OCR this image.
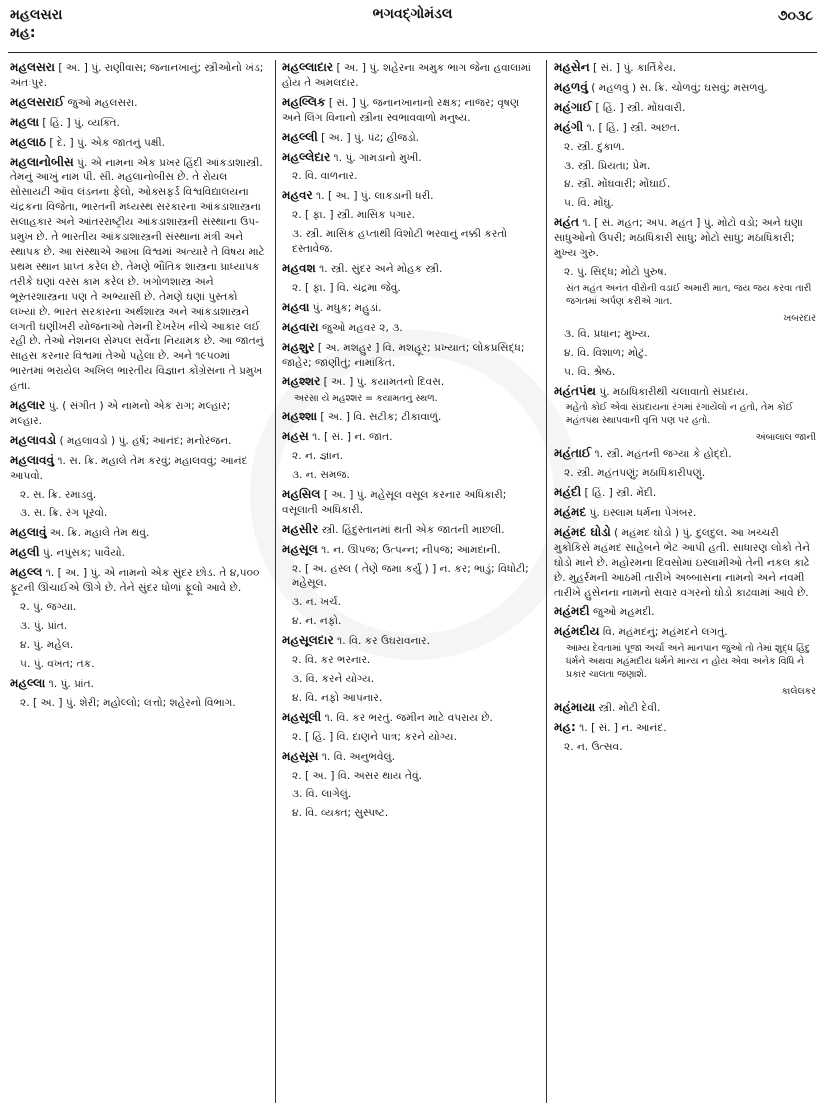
મહલસરા
મહ:
ભગવદ્ગોમંડલ	૭૦૩૮
મહલસરા [ અ. ] પું. રાણીવાસ; જનાનખાનું; સ્ત્રીઓનો ખંડ; અંતઃપુર.
મહલસરાઈ જુઓ મહલસરા.
મહલા [ હિં. ] પું. વ્યક્તિ.
મહલાઠ [ દે. ] પું. એક જાતનું પક્ષી.
મહલાનોબીસ પું. એ નામના એક પ્રખર હિંદી આંકડાશાસ્ત્રી. તેમનું આખું નામ પી. સી. મહલાનોબીસ છે. તે રોયલ સોસાયટી ઑવ લંડનના ફેલો, ઓક્સફર્ડ વિશ્વવિદ્યાલયના ચંદ્રકના વિજેતા, ભારતની મધ્યસ્થ સરકારના આંકડાશાસ્ત્રના સલાહકાર અને આંતરરાષ્ટ્રીય આંકડાશાસ્ત્રની સંસ્થાના ઉપ-પ્રમુખ છે. તે ભારતીય આંકડાશાસ્ત્રની સંસ્થાના મંત્રી અને સ્થાપક છે. આ સંસ્થાએ આખા વિશ્વમાં અત્યારે તે વિષય માટે પ્રથમ સ્થાન પ્રાપ્ત કરેલ છે. તેમણે ભૌતિક શાસ્ત્રના પ્રાધ્યાપક તરીકે ઘણાં વરસ કામ કરેલ છે. ખગોળશાસ્ત્ર અને ભૂસ્તરશાસ્ત્રના પણ તે અભ્યાસી છે. તેમણે ઘણાં પુસ્તકો લખ્યાં છે. ભારત સરકારના અર્થશાસ્ત્ર અને આંકડાશાસ્ત્રને લગતી ઘણીખરી યોજનાઓ તેમની દેખરેખ નીચે આકાર લઈ રહી છે. તેઓ નેશનલ સેમ્પલ સર્વેના નિયામક છે. આ જાતનું સાહસ કરનાર વિશ્વમાં તેઓ પહેલા છે. અને ૧૯૫૦માં ભારતમાં ભરાયેલ અખિલ ભારતીય વિજ્ઞાન કોંગ્રેસના તે પ્રમુખ હતા.
મહલાર પું. ( સંગીત ) એ નામનો એક રાગ; મલ્હાર; મલ્હાર.
મહલાવડો ( મહલાવડો ) પું. હર્ષ; આનંદ; મનોરંજન.
મહલાવવું ૧. સ. ક્રિ. મહાલે તેમ કરવું; મહાલવવું; આનંદ આપવો.
૨. સ. ક્રિ. રમાડવું.
૩. સ. ક્રિ. રંગ પૂરવો.
મહલાવું અ. ક્રિ. મહાલે તેમ થવું.
મહલી પું. નપુંસક; પાવૈયો.
મહલ્લ ૧. [ અ. ] પું. એ નામનો એક સુંદર છોડ. તે ૪,૫૦૦ ફૂટની ઊંચાઈએ ઊગે છે. તેને સુંદર ધોળાં ફૂલો આવે છે.
૨. પું. જગ્યા.
૩. પું. પ્રાંત.
૪. પું. મહેલ.
૫. પું. વખત; તક.
મહલ્લા ૧. પું. પ્રાંત.
૨. [ અ. ] પું. શેરી; મહોલ્લો; લત્તો; શહેરનો વિભાગ.
મહલ્લાદાર [ અ. ] પું. શહેરના અમુક ભાગ જેના હવાલામાં હોય તે અમલદાર.
મહલ્લિક [ સં. ] પું. જનાનખાનાનો રક્ષક; નાજર; વૃષણ અને લિંગ વિનાનો સ્ત્રીના સ્વભાવવાળો મનુષ્ય.
મહલ્લી [ અ. ] પું. પંઢ; હીજડો.
મહલ્લેદાર ૧. પું. ગામડાનો મુખી.
૨. વિ. વાળનાર.
મહવર ૧. [ અ. ] પું. લાકડાની ધરી.
૨. [ ફા. ] સ્ત્રી. માસિક પગાર.
૩. સ્ત્રી. માસિક હપ્તાથી વિશોટી ભરવાનું નક્કી કરતો દસ્તાવેજ.
મહવશ ૧. સ્ત્રી. સુંદર અને મોહક સ્ત્રી.
૨. [ ફા. ] વિ. ચંદ્રમા જેવું.
મહવા પું. મધુક; મહુડાં.
મહવારા જુઓ મહવર ૨, ૩.
મહશુર [ અ. મશહુર ] વિ. મશહૂર; પ્રખ્યાત; લોકપ્રસિદ્ધ; જાહેર; જાણીતું; નામાંકિત.
મહશ્શર [ અ. ] પું. કયામતનો દિવસ.
અરસા યે મહશ્શર = કયામતનું સ્થળ.
મહશ્શા [ અ. ] વિ. સટીક; ટીકાવાળું.
મહસ ૧. [ સં. ] ન. જાત.
૨. ન. જ્ઞાન.
૩. ન. સમજ.
મહસિલ [ અ. ] પું. મહેસૂલ વસૂલ કરનાર અધિકારી; વસૂલાતી અધિકારી.
મહસીર સ્ત્રી. હિંદુસ્તાનમાં થતી એક જાતની માછલી.
મહસૂલ ૧. ન. ઊપજ; ઉત્પન્ન; નીપજ; આમદાની.
૨. [ અ. હસ્લ ( તેણે જમા કર્યું ) ] ન. કર; ભાડું; વિધોટી; મહેસૂલ.
૩. ન. ખર્ચ.
૪. ન. નફો.
મહસૂલદાર ૧. વિ. કર ઉઘરાવનાર.
૨. વિ. કર ભરનાર.
૩. વિ. કરને યોગ્ય.
૪. વિ. નફો આપનાર.
મહસૂલી ૧. વિ. કર ભરતું. જમીન માટે વપરાય છે.
૨. [ હિં. ] વિ. દાણને પાત્ર; કરને યોગ્ય.
મહસૂસ ૧. વિ. અનુભવેલું.
૨. [ અ. ] વિ. અસર થાય તેવું.
૩. વિ. લાગેલું.
૪. વિ. વ્યક્ત; સુસ્પષ્ટ.
મહસેન [ સં. ] પું. કાર્તિકેય.
મહળવું ( મહળવું ) સ. ક્રિ. ચોળવું; ઘસવું; મસળવું.
મહંગાઈ [ હિં. ] સ્ત્રી. મોંઘવારી.
મહંગી ૧. [ હિં. ] સ્ત્રી. અછત.
૨. સ્ત્રી. દુકાળ.
૩. સ્ત્રી. પ્રિયતા; પ્રેમ.
૪. સ્ત્રી. મોંઘવારી; મોંઘાઈ.
૫. વિ. મોંઘુ.
મહંત ૧. [ સં. મહત; અપ. મહંત ] પું. મોટો વડો; અને ઘણા સાધુઓનો ઉપરી; મઠાધિકારી સાધુ; મોટો સાધુ; મઠાધિકારી; મુખ્ય ગુરુ.
૨. પું. સિદ્ધ; મોટો પુરુષ.
સંત મહંત અનંત વીરોની વડાઈ અમારી માત, જય જય કરવા તારી જગતમાં અર્પણ કરીએ ગાત.
ખબરદાર
૩. વિ. પ્રધાન; મુખ્ય.
૪. વિ. વિશાળ; મોટું.
૫. વિ. શ્રેષ્ઠ.
મહંતપંથ પું. મઠાધિકારીથી ચલાવાતો સંપ્રદાય.
મહેતો કોઈ એવા સંપ્રદાયના રંગમાં રંગાયેલો ન હતો, તેમ કોઈ મહંતપંથ સ્થાપવાની વૃત્તિ પણ પર હતો.
અંબાલાલ જાની
મહંતાઈ ૧. સ્ત્રી. મહંતની જગ્યા કે હોદ્દો.
૨. સ્ત્રી. મહંતપણું; મઠાધિકારીપણું.
મહંદી [ હિં. ] સ્ત્રી. મેંદી.
મહંમદ પું. ઇસ્લામ ધર્મના પેગંબર.
મહંમદ ઘોડો ( મહંમદ ઘોડો ) પું. દુલદુલ. આ ખચ્ચરી મુકોકિસે મહંમદ સાહેબને ભેટ આપી હતી. સાધારણ લોકો તેને ઘોડો માને છે. મહોરમના દિવસોમાં ઇસ્લામીઓ તેની નકલ કાઢે છે. મુહર્રમની આઠમી તારીખે અબ્બાસના નામનો અને નવમી તારીખે હુસેનના નામનો સવાર વગરનો ઘોડો કાઢવામાં આવે છે.
મહંમદી જુઓ મહમદી.
મહંમદીય વિ. મહંમદનું; મહંમદને લગતું.
આમ્ય દેવતામાં પૂજા અર્ચા અને માનપાન જુઓ તો તેમાં શુદ્ધ હિંદુ ધર્મને અથવા મહંમદીય ધર્મને માન્ય ન હોય એવા અનેક વિધિ ને પ્રકાર ચાલતા જણાશે.
કાલેલકર
મહંમાયા સ્ત્રી. મોટી દેવી.
મહ: ૧. [ સં. ] ન. આનંદ.
૨. ન. ઉત્સવ.
